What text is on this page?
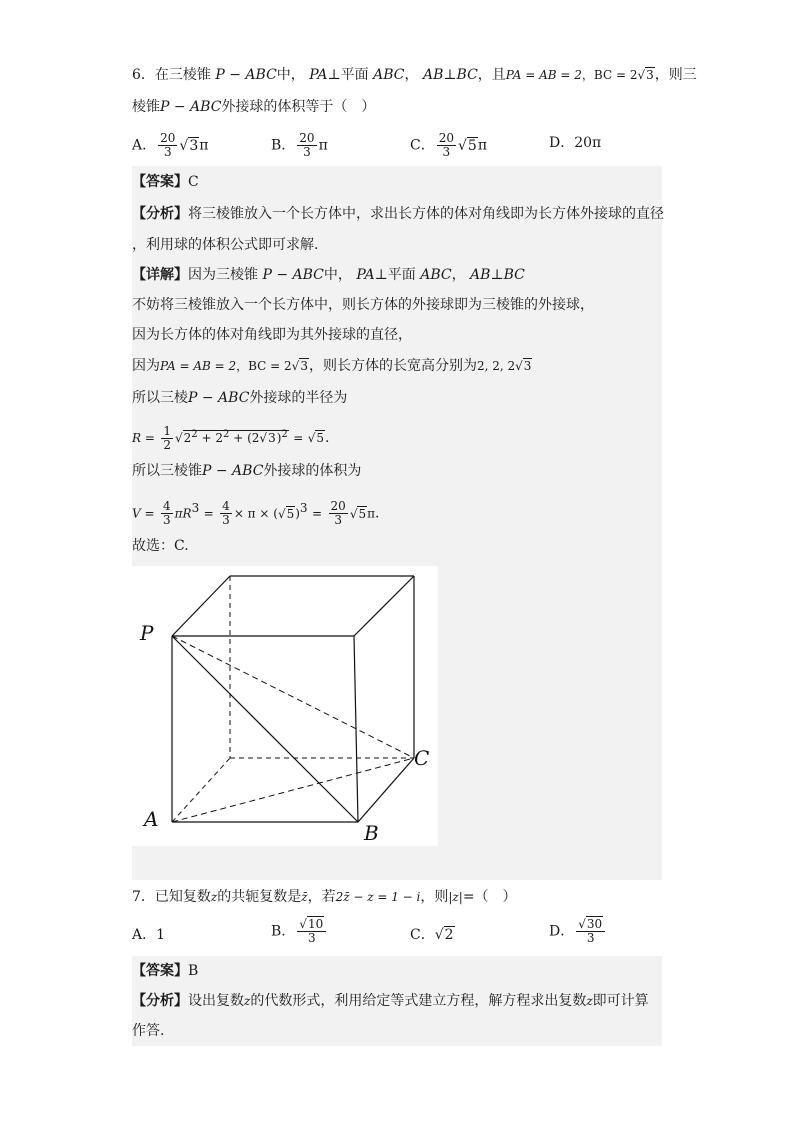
6．在三棱锥 P − ABC中， PA⊥平面 ABC， AB⊥BC，且PA = AB = 2，BC = 2√3，则三
棱锥P − ABC外接球的体积等于（　）
A． $\frac{20}{3} √3\pi$	B． $\frac{20}{3}$ π	C． $\frac{20}{3} √5\pi$	D．20π
【答案】C
【分析】将三棱锥放入一个长方体中，求出长方体的体对角线即为长方体外接球的直径
，利用球的体积公式即可求解.
【详解】因为三棱锥 P − ABC中， PA⊥平面 ABC， AB⊥BC
不妨将三棱锥放入一个长方体中，则长方体的外接球即为三棱锥的外接球，
因为长方体的体对角线即为其外接球的直径，
因为PA = AB = 2，BC = 2√3，则长方体的长宽高分别为2, 2, 2√3
所以三棱P − ABC外接球的半径为
$R = \frac{1}{2} √2^2 + 2^2 + (2√3)^2 = √5$.
所以三棱锥P − ABC外接球的体积为
$V = \frac{4}{3} \pi R^3 = \frac{4}{3} \times \pi \times (√5)^3 = \frac{20}{3} √5\pi$.
故选：C.
P
A
B
C
7．已知复数z的共轭复数是z̄，若2z̄ − z = 1 − i，则|z|=（　）
A．1	B． $\frac{√10}{3}$	C．√2	D． $\frac{√30}{3}$
【答案】B
【分析】设出复数z的代数形式，利用给定等式建立方程，解方程求出复数z即可计算
作答.
